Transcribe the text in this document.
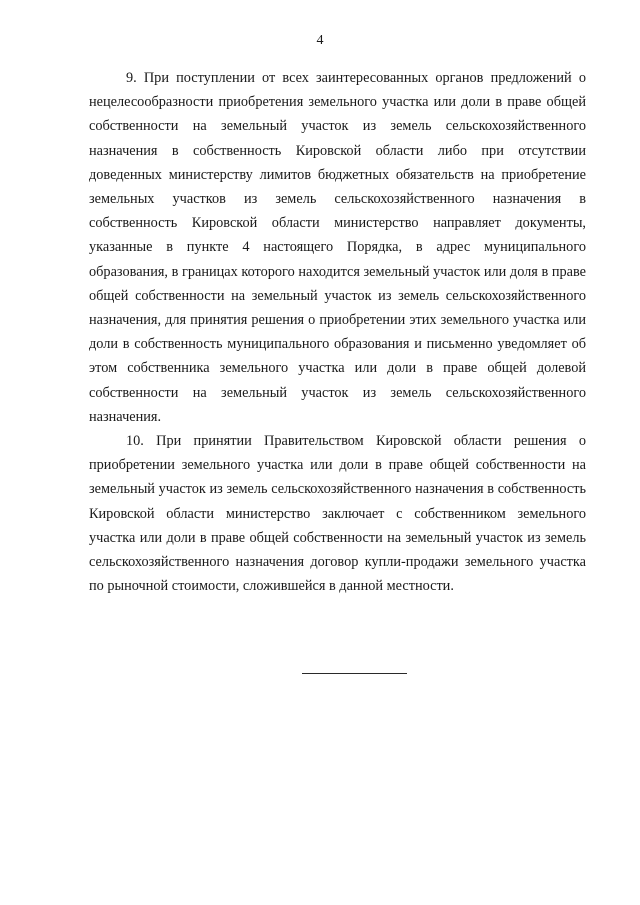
4

9. При поступлении от всех заинтересованных органов предложений о нецелесообразности приобретения земельного участка или доли в праве общей собственности на земельный участок из земель сельскохозяйственного назначения в собственность Кировской области либо при отсутствии доведенных министерству лимитов бюджетных обязательств на приобретение земельных участков из земель сельскохозяйственного назначения в собственность Кировской области министерство направляет документы, указанные в пункте 4 настоящего Порядка, в адрес муниципального образования, в границах которого находится земельный участок или доля в праве общей собственности на земельный участок из земель сельскохозяйственного назначения, для принятия решения о приобретении этих земельного участка или доли в собственность муниципального образования и письменно уведомляет об этом собственника земельного участка или доли в праве общей долевой собственности на земельный участок из земель сельскохозяйственного назначения.

10. При принятии Правительством Кировской области решения о приобретении земельного участка или доли в праве общей собственности на земельный участок из земель сельскохозяйственного назначения в собственность Кировской области министерство заключает с собственником земельного участка или доли в праве общей собственности на земельный участок из земель сельскохозяйственного назначения договор купли-продажи земельного участка по рыночной стоимости, сложившейся в данной местности.
